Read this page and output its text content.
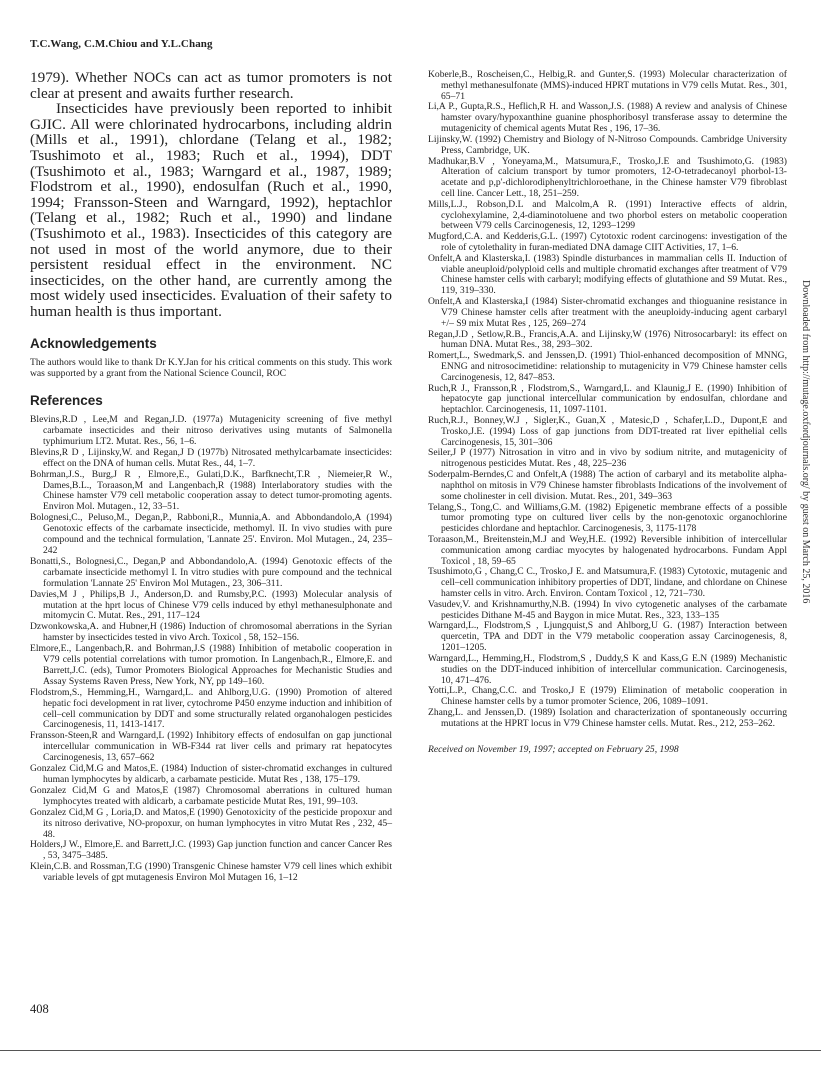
T.C.Wang, C.M.Chiou and Y.L.Chang

1979). Whether NOCs can act as tumor promoters is not clear at present and awaits further research.

Insecticides have previously been reported to inhibit GJIC. All were chlorinated hydrocarbons, including aldrin (Mills et al., 1991), chlordane (Telang et al., 1982; Tsushimoto et al., 1983; Ruch et al., 1994), DDT (Tsushimoto et al., 1983; Warngard et al., 1987, 1989; Flodstrom et al., 1990), endosulfan (Ruch et al., 1990, 1994; Fransson-Steen and Warngard, 1992), heptachlor (Telang et al., 1982; Ruch et al., 1990) and lindane (Tsushimoto et al., 1983). Insecticides of this category are not used in most of the world anymore, due to their persistent residual effect in the environment. NC insecticides, on the other hand, are currently among the most widely used insecticides. Evaluation of their safety to human health is thus important.

Acknowledgements

The authors would like to thank Dr K.Y.Jan for his critical comments on this study. This work was supported by a grant from the National Science Council, ROC

References

Blevins,R.D , Lee,M and Regan,J.D. (1977a) Mutagenicity screening of five methyl carbamate insecticides and their nitroso derivatives using mutants of Salmonella typhimurium LT2. Mutat. Res., 56, 1–6.

Blevins,R D , Lijinsky,W. and Regan,J D (1977b) Nitrosated methylcarbamate insecticides: effect on the DNA of human cells. Mutat Res., 44, 1–7.

Bohrman,J.S., Burg,J R , Elmore,E., Gulati,D.K., Barfknecht,T.R , Niemeier,R W., Dames,B.L., Toraason,M and Langenbach,R (1988) Interlaboratory studies with the Chinese hamster V79 cell metabolic cooperation assay to detect tumor-promoting agents. Environ Mol. Mutagen., 12, 33–51.

Bolognesi,C., Peluso,M., Degan,P., Rabboni,R., Munnia,A. and Abbondandolo,A (1994) Genotoxic effects of the carbamate insecticide, methomyl. II. In vivo studies with pure compound and the technical formulation, 'Lannate 25'. Environ. Mol Mutagen., 24, 235–242

Bonatti,S., Bolognesi,C., Degan,P and Abbondandolo,A. (1994) Genotoxic effects of the carbamate insecticide methomyl I. In vitro studies with pure compound and the technical formulation 'Lannate 25' Environ Mol Mutagen., 23, 306–311.

Davies,M J , Philips,B J., Anderson,D. and Rumsby,P.C. (1993) Molecular analysis of mutation at the hprt locus of Chinese V79 cells induced by ethyl methanesulphonate and mitomycin C. Mutat. Res., 291, 117–124

Dzwonkowska,A. and Hubner,H (1986) Induction of chromosomal aberrations in the Syrian hamster by insecticides tested in vivo Arch. Toxicol , 58, 152–156.

Elmore,E., Langenbach,R. and Bohrman,J.S (1988) Inhibition of metabolic cooperation in V79 cells potential correlations with tumor promotion. In Langenbach,R., Elmore,E. and Barrett,J.C. (eds), Tumor Promoters Biological Approaches for Mechanistic Studies and Assay Systems Raven Press, New York, NY, pp 149–160.

Flodstrom,S., Hemming,H., Warngard,L. and Ahlborg,U.G. (1990) Promotion of altered hepatic foci development in rat liver, cytochrome P450 enzyme induction and inhibition of cell–cell communication by DDT and some structurally related organohalogen pesticides Carcinogenesis, 11, 1413-1417.

Fransson-Steen,R and Warngard,L (1992) Inhibitory effects of endosulfan on gap junctional intercellular communication in WB-F344 rat liver cells and primary rat hepatocytes Carcinogenesis, 13, 657–662

Gonzalez Cid,M.G and Matos,E. (1984) Induction of sister-chromatid exchanges in cultured human lymphocytes by aldicarb, a carbamate pesticide. Mutat Res , 138, 175–179.

Gonzalez Cid,M G and Matos,E (1987) Chromosomal aberrations in cultured human lymphocytes treated with aldicarb, a carbamate pesticide Mutat Res, 191, 99–103.

Gonzalez Cid,M G , Loria,D. and Matos,E (1990) Genotoxicity of the pesticide propoxur and its nitroso derivative, NO-propoxur, on human lymphocytes in vitro Mutat Res , 232, 45–48.

Holders,J W., Elmore,E. and Barrett,J.C. (1993) Gap junction function and cancer Cancer Res , 53, 3475–3485.

Klein,C.B. and Rossman,T.G (1990) Transgenic Chinese hamster V79 cell lines which exhibit variable levels of gpt mutagenesis Environ Mol Mutagen 16, 1–12

Koberle,B., Roscheisen,C., Helbig,R. and Gunter,S. (1993) Molecular characterization of methyl methanesulfonate (MMS)-induced HPRT mutations in V79 cells Mutat. Res., 301, 65–71

Li,A P., Gupta,R.S., Heflich,R H. and Wasson,J.S. (1988) A review and analysis of Chinese hamster ovary/hypoxanthine guanine phosphoribosyl transferase assay to determine the mutagenicity of chemical agents Mutat Res , 196, 17–36.

Lijinsky,W. (1992) Chemistry and Biology of N-Nitroso Compounds. Cambridge University Press, Cambridge, UK.

Madhukar,B.V , Yoneyama,M., Matsumura,F., Trosko,J.E and Tsushimoto,G. (1983) Alteration of calcium transport by tumor promoters, 12-O-tetradecanoyl phorbol-13-acetate and p,p'-dichlorodiphenyltrichloroethane, in the Chinese hamster V79 fibroblast cell line. Cancer Lett., 18, 251–259.

Mills,L.J., Robson,D.L and Malcolm,A R. (1991) Interactive effects of aldrin, cyclohexylamine, 2,4-diaminotoluene and two phorbol esters on metabolic cooperation between V79 cells Carcinogenesis, 12, 1293–1299

Mugford,C.A. and Kedderis,G.L. (1997) Cytotoxic rodent carcinogens: investigation of the role of cytolethality in furan-mediated DNA damage CIIT Activities, 17, 1–6.

Onfelt,A and Klasterska,I. (1983) Spindle disturbances in mammalian cells II. Induction of viable aneuploid/polyploid cells and multiple chromatid exchanges after treatment of V79 Chinese hamster cells with carbaryl; modifying effects of glutathione and S9 Mutat. Res., 119, 319–330.

Onfelt,A and Klasterska,I (1984) Sister-chromatid exchanges and thioguanine resistance in V79 Chinese hamster cells after treatment with the aneuploidy-inducing agent carbaryl +/– S9 mix Mutat Res , 125, 269–274

Regan,J.D , Setlow,R.B., Francis,A.A. and Lijinsky,W (1976) Nitrosocarbaryl: its effect on human DNA. Mutat Res., 38, 293–302.

Romert,L., Swedmark,S. and Jenssen,D. (1991) Thiol-enhanced decomposition of MNNG, ENNG and nitrosocimetidine: relationship to mutagenicity in V79 Chinese hamster cells Carcinogenesis, 12, 847–853.

Ruch,R J., Fransson,R , Flodstrom,S., Warngard,L. and Klaunig,J E. (1990) Inhibition of hepatocyte gap junctional intercellular communication by endosulfan, chlordane and heptachlor. Carcinogenesis, 11, 1097-1101.

Ruch,R.J., Bonney,W.J , Sigler,K., Guan,X , Matesic,D , Schafer,L.D., Dupont,E and Trosko,J.E. (1994) Loss of gap junctions from DDT-treated rat liver epithelial cells Carcinogenesis, 15, 301–306

Seiler,J P (1977) Nitrosation in vitro and in vivo by sodium nitrite, and mutagenicity of nitrogenous pesticides Mutat. Res , 48, 225–236

Soderpalm-Berndes,C and Onfelt,A (1988) The action of carbaryl and its metabolite alpha-naphthol on mitosis in V79 Chinese hamster fibroblasts Indications of the involvement of some cholinester in cell division. Mutat. Res., 201, 349–363

Telang,S., Tong,C. and Williams,G.M. (1982) Epigenetic membrane effects of a possible tumor promoting type on cultured liver cells by the non-genotoxic organochlorine pesticides chlordane and heptachlor. Carcinogenesis, 3, 1175-1178

Toraason,M., Breitenstein,M.J and Wey,H.E. (1992) Reversible inhibition of intercellular communication among cardiac myocytes by halogenated hydrocarbons. Fundam Appl Toxicol , 18, 59–65

Tsushimoto,G , Chang,C C., Trosko,J E. and Matsumura,F. (1983) Cytotoxic, mutagenic and cell–cell communication inhibitory properties of DDT, lindane, and chlordane on Chinese hamster cells in vitro. Arch. Environ. Contam Toxicol , 12, 721–730.

Vasudev,V. and Krishnamurthy,N.B. (1994) In vivo cytogenetic analyses of the carbamate pesticides Dithane M-45 and Baygon in mice Mutat. Res., 323, 133–135

Warngard,L., Flodstrom,S , Ljungquist,S and Ahlborg,U G. (1987) Interaction between quercetin, TPA and DDT in the V79 metabolic cooperation assay Carcinogenesis, 8, 1201–1205.

Warngard,L., Hemming,H., Flodstrom,S , Duddy,S K and Kass,G E.N (1989) Mechanistic studies on the DDT-induced inhibition of intercellular communication. Carcinogenesis, 10, 471–476.

Yotti,L.P., Chang,C.C. and Trosko,J E (1979) Elimination of metabolic cooperation in Chinese hamster cells by a tumor promoter Science, 206, 1089–1091.

Zhang,L. and Jenssen,D. (1989) Isolation and characterization of spontaneously occurring mutations at the HPRT locus in V79 Chinese hamster cells. Mutat. Res., 212, 253–262.

Received on November 19, 1997; accepted on February 25, 1998
408
Downloaded from http://mutage.oxfordjournals.org/ by guest on March 25, 2016
